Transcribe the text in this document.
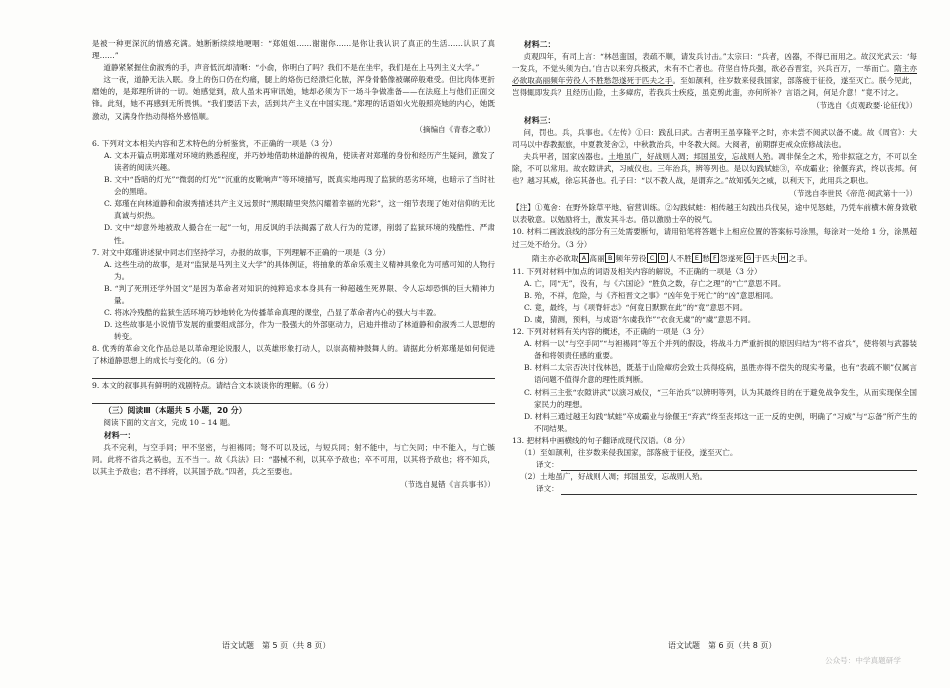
是被一种更深沉的情感充满。她断断续续地哽咽：“郑姐姐……谢谢你……是你让我认识了真正的生活……认识了真理……”

道静紧紧握住俞淑秀的手，声音低沉却清晰：“小俞，你明白了吗？我们不是在坐牢，我们是在上马列主义大学。”

这一夜，道静无法入眠。身上的伤口仍在灼痛，腿上的烙伤已经溃烂化脓，浑身骨骼像被碾碎般难受。但比肉体更折磨她的，是郑理所讲的一切。她感觉到，敌人虽未再审讯她，她却必须为下一场斗争做准备——在法庭上与他们正面交锋。此刻，她不再感到无所畏惧。“我们要活下去，活到共产主义在中国实现。”郑理的话语如火光般照亮她的内心，她既激动，又满身作热动得格外感悟顺。

（摘编自《青春之歌》）

6. 下列对文本相关内容和艺术特色的分析鉴赏，不正确的一项是（3 分）

A. 文本开篇点明郑瑾对环境的熟悉程度，并巧妙地借助林道静的视角，使读者对郑瑾的身份和经历产生疑问，激发了读者的阅读兴趣。

B. 文中“昏暗的灯光”“微弱的灯光”“沉重的皮靴响声”等环境描写，既真实地再现了监狱的恶劣环境，也暗示了当时社会的黑暗。

C. 郑瑾在向林道静和俞淑秀描述共产主义远景时“黑眼睛里突然闪耀着幸福的光彩”，这一细节表现了她对信仰的无比真诚与炽热。

D. 文中“却意外地被敌人撮合在一起”一句，用反讽的手法揭露了敌人行为的荒谬，削弱了监狱环境的残酷性、严肃性。

7. 对文中郑瑾讲述狱中同志们坚持学习，办报的故事，下列理解不正确的一项是（3 分）

A. 这些生动的故事，是对“监狱是马列主义大学”的具体例证，将抽象的革命乐观主义精神具象化为可感可知的人物行为。

B. “判了死刑还学外国文”是因为革命者对知识的纯粹追求本身具有一种超越生死界限、令人忘却恐惧的巨大精神力量。

C. 将冰冷残酷的监狱生活环境巧妙地转化为传播革命真理的课堂，凸显了革命者内心的强大与丰盈。

D. 这些故事是小说情节发展的重要组成部分，作为一股强大的外部驱动力，启迪并推动了林道静和俞淑秀二人思想的转变。

8. 优秀的革命文化作品总是以革命理论说服人，以英雄形象打动人，以崇高精神鼓舞人的。请据此分析郑瑾是如何促进了林道静思想上的成长与变化的。（6 分）

9. 本文的叙事具有鲜明的戏剧特点。请结合文本谈谈你的理解。（6 分）

（三）阅读Ⅲ（本题共 5 小题，20 分）

阅读下面的文言文，完成 10 – 14 题。

材料一：

兵不完利，与空手同；甲不坚密，与袒裼同；弩不可以及远，与短兵同；射不能中，与亡矢同；中不能入，与亡镞同。此将不省兵之祸也，五不当一。故《兵法》曰：“器械不利，以其卒予敌也；卒不可用，以其将予敌也；将不知兵，以其主予敌也；君不择将，以其国予敌。”四者，兵之至要也。

（节选自晁错《言兵事书》）
材料二：

贞观四年，有司上言：“林邑蛮国，表疏不顺，请发兵讨击。”太宗曰：“兵者，凶器，不得已而用之。故汉光武云：‘每一发兵，不觉头须为白。’自古以来穷兵极武，未有不亡者也。苻坚自恃兵强，欲必吞晋室，兴兵百万，一举而亡。隋主亦必欲取高丽频年劳役人不胜愁怨遂死于匹夫之手。至如颉利，往岁数来侵我国家，部落疲于征役，遂至灭亡。朕今见此，岂得辄即发兵？且经历山险，土多瘴疠，若我兵士疾疫，虽克剪此蛮，亦何所补？言语之间，何足介意！”竟不讨之。

（节选自《贞观政要·论征伐》）
材料三：

问，罚也。兵，兵事也。《左传》①曰：践乱曰武。古者明王虽享隆平之时，亦未尝不阅武以备不虞。故《周官》：大司马以中春教振旅，中夏教茇舍②，中秋教治兵，中冬教大阅。大阅者，前期群吏戒众庶修战法也。

夫兵甲者，国家凶器也。土地虽广，好战则人凋；邦国虽安，忘战则人殆。凋非保全之术，殆非拟寇之方，不可以全除，不可以常用。故农隙讲武，习威仪也。三年治兵，辨等列也。是以勾践轼蛙③，卒成霸业；徐偃弃武，终以丧邦。何也？越习其威，徐忘其备也。孔子曰：“以不教人战，是谓弃之。”故知弧矢之威，以利天下，此用兵之职也。

（节选自李世民《帝范·阅武第十一》）

【注】①蒐舍：在野外除草平地、宿营训练。②勾践轼蛙：相传越王勾践出兵伐吴，途中见怒蛙，乃凭车前横木俯身致敬以表敬意。以勉励将士，激发其斗志。借以激励士卒的锐气。

10. 材料二画波浪线的部分有三处需要断句，请用铅笔将答题卡上相应位置的答案标号涂黑，每涂对一处给 1 分，涂黑超过三处不给分。（3 分）

隋主亦必欲取 A 高丽 B 频年劳役 C D 人不胜 E 愁 F 怨遂死 G 于匹夫 H 之手。

11. 下列对材料中加点的词语及相关内容的解说，不正确的一项是（3 分）

A. 亡，同“无”，没有，与《六国论》“胜负之数，存亡之理”的“亡”意思不同。

B. 殆，不祥，危险，与《齐桓晋文之事》“凶年免于死亡”的“凶”意思相同。

C. 竟，最终，与《项脊轩志》“何竟日默默在此”的“竟”意思不同。

D. 虞，猜测，预料，与成语“尔虞我诈”“衣食无虞”的“虞”意思不同。

12. 下列对材料有关内容的概述，不正确的一项是（3 分）

A. 材料一以“与空手同”“与袒裼同”等五个并列的假设，将战斗力严重折损的原因归结为“将不省兵”，使将领与武器装备和将领责任感的重要。

B. 材料二太宗否决讨伐林邑，既基于山险瘴疠会致士兵得疫病，虽胜亦得不偿失的现实考量，也有“表疏不顺”仅属言语问题不值得介意的理性质判断。

C. 材料三主张“农隙讲武”以演习威仪，“三年治兵”以辨明等列，认为其最终目的在于避免战争发生，从而实现保全国家民力的理想。

D. 材料三通过越王勾践“轼蛙”卒成霸业与徐偃王“弃武”终至丧邦这一正一反的史例，明确了“习威”与“忘备”所产生的不同结果。

13. 把材料中画横线的句子翻译成现代汉语。（8 分）

（1）至如颉利，往岁数来侵我国家，部落疲于征役，遂至灭亡。

译文：

（2）土地虽广，好战则人凋；邦国虽安，忘战则人殆。

译文：
语文试题　第 5 页（共 8 页）	语文试题　第 6 页（共 8 页）
公众号：中学真题研学
